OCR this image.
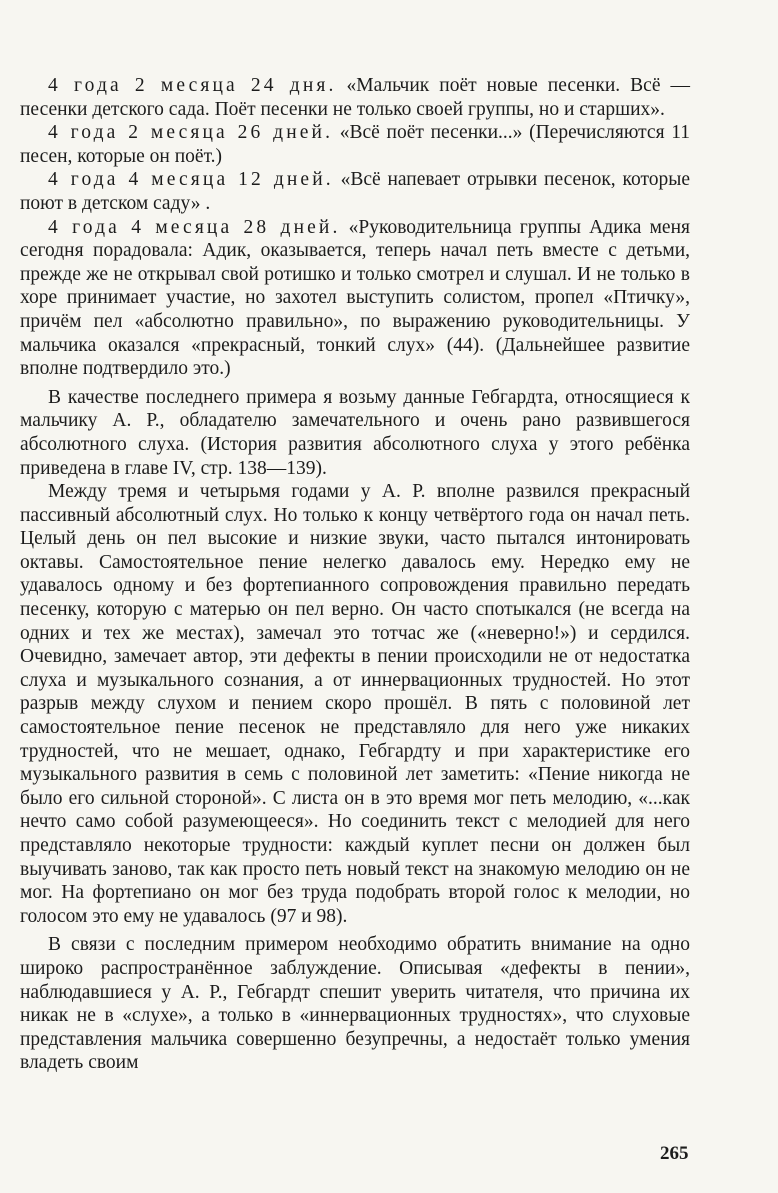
4 года 2 месяца 24 дня. «Мальчик поёт новые песенки. Всё — песенки детского сада. Поёт песенки не только своей группы, но и старших».

4 года 2 месяца 26 дней. «Всё поёт песенки...» (Перечисляются 11 песен, которые он поёт.)

4 года 4 месяца 12 дней. «Всё напевает отрывки песенок, которые поют в детском саду» .

4 года 4 месяца 28 дней. «Руководительница группы Адика меня сегодня порадовала: Адик, оказывается, теперь начал петь вместе с детьми, прежде же не открывал свой ротишко и только смотрел и слушал. И не только в хоре принимает участие, но захотел выступить солистом, пропел «Птичку», причём пел «абсолютно правильно», по выражению руководительницы. У мальчика оказался «прекрасный, тонкий слух» (44). (Дальнейшее развитие вполне подтвердило это.)

В качестве последнего примера я возьму данные Гебгардта, относящиеся к мальчику А. Р., обладателю замечательного и очень рано развившегося абсолютного слуха. (История развития абсолютного слуха у этого ребёнка приведена в главе IV, стр. 138—139).

Между тремя и четырьмя годами у А. Р. вполне развился прекрасный пассивный абсолютный слух. Но только к концу четвёртого года он начал петь. Целый день он пел высокие и низкие звуки, часто пытался интонировать октавы. Самостоятельное пение нелегко давалось ему. Нередко ему не удавалось одному и без фортепианного сопровождения правильно передать песенку, которую с матерью он пел верно. Он часто спотыкался (не всегда на одних и тех же местах), замечал это тотчас же («неверно!») и сердился. Очевидно, замечает автор, эти дефекты в пении происходили не от недостатка слуха и музыкального сознания, а от иннервационных трудностей. Но этот разрыв между слухом и пением скоро прошёл. В пять с половиной лет самостоятельное пение песенок не представляло для него уже никаких трудностей, что не мешает, однако, Гебгардту и при характеристике его музыкального развития в семь с половиной лет заметить: «Пение никогда не было его сильной стороной». С листа он в это время мог петь мелодию, «...как нечто само собой разумеющееся». Но соединить текст с мелодией для него представляло некоторые трудности: каждый куплет песни он должен был выучивать заново, так как просто петь новый текст на знакомую мелодию он не мог. На фортепиано он мог без труда подобрать второй голос к мелодии, но голосом это ему не удавалось (97 и 98).

В связи с последним примером необходимо обратить внимание на одно широко распространённое заблуждение. Описывая «дефекты в пении», наблюдавшиеся у А. Р., Гебгардт спешит уверить читателя, что причина их никак не в «слухе», а только в «иннервационных трудностях», что слуховые представления мальчика совершенно безупречны, а недостаёт только умения владеть своим

265
